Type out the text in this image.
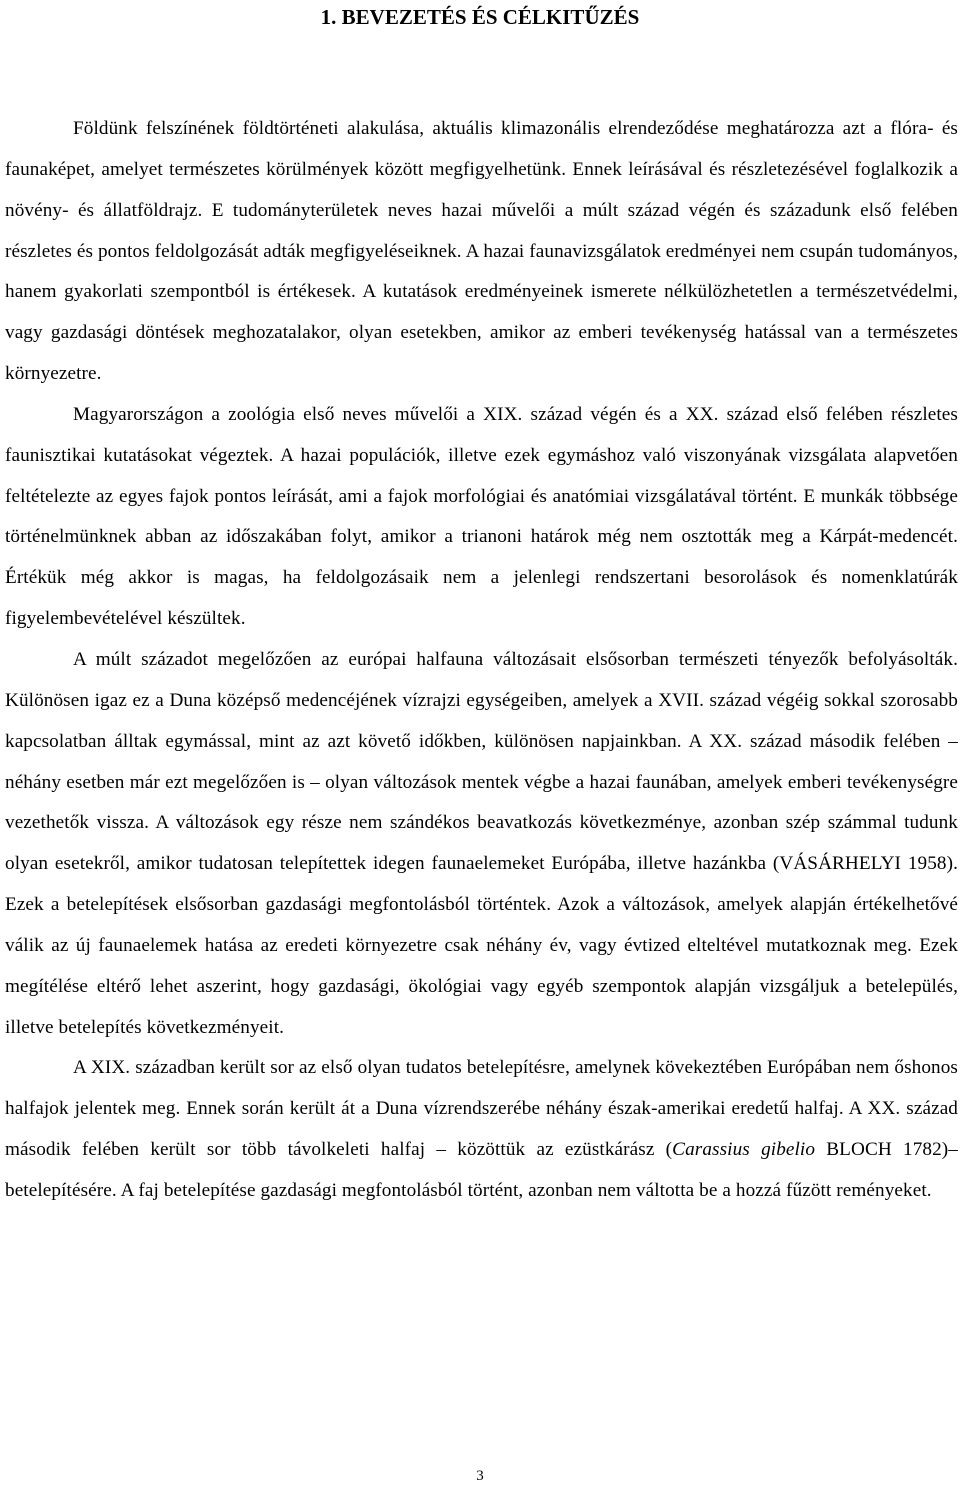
1. BEVEZETÉS ÉS CÉLKITŰZÉS

Földünk felszínének földtörténeti alakulása, aktuális klimazonális elrendeződése meghatározza azt a flóra- és faunaképet, amelyet természetes körülmények között megfigyelhetünk. Ennek leírásával és részletezésével foglalkozik a növény- és állatföldrajz. E tudományterületek neves hazai művelői a múlt század végén és századunk első felében részletes és pontos feldolgozását adták megfigyeléseiknek. A hazai faunavizsgálatok eredményei nem csupán tudományos, hanem gyakorlati szempontból is értékesek. A kutatások eredményeinek ismerete nélkülözhetetlen a természetvédelmi, vagy gazdasági döntések meghozatalakor, olyan esetekben, amikor az emberi tevékenység hatással van a természetes környezetre.

Magyarországon a zoológia első neves művelői a XIX. század végén és a XX. század első felében részletes faunisztikai kutatásokat végeztek. A hazai populációk, illetve ezek egymáshoz való viszonyának vizsgálata alapvetően feltételezte az egyes fajok pontos leírását, ami a fajok morfológiai és anatómiai vizsgálatával történt. E munkák többsége történelmünknek abban az időszakában folyt, amikor a trianoni határok még nem osztották meg a Kárpát-medencét. Értékük még akkor is magas, ha feldolgozásaik nem a jelenlegi rendszertani besorolások és nomenklatúrák figyelembevételével készültek.

A múlt századot megelőzően az európai halfauna változásait elsősorban természeti tényezők befolyásolták. Különösen igaz ez a Duna középső medencéjének vízrajzi egységeiben, amelyek a XVII. század végéig sokkal szorosabb kapcsolatban álltak egymással, mint az azt követő időkben, különösen napjainkban. A XX. század második felében – néhány esetben már ezt megelőzően is – olyan változások mentek végbe a hazai faunában, amelyek emberi tevékenységre vezethetők vissza. A változások egy része nem szándékos beavatkozás következménye, azonban szép számmal tudunk olyan esetekről, amikor tudatosan telepítettek idegen faunaelemeket Európába, illetve hazánkba (VÁSÁRHELYI 1958). Ezek a betelepítések elsősorban gazdasági megfontolásból történtek. Azok a változások, amelyek alapján értékelhetővé válik az új faunaelemek hatása az eredeti környezetre csak néhány év, vagy évtized elteltével mutatkoznak meg. Ezek megítélése eltérő lehet aszerint, hogy gazdasági, ökológiai vagy egyéb szempontok alapján vizsgáljuk a betelepülés, illetve betelepítés következményeit.

A XIX. században került sor az első olyan tudatos betelepítésre, amelynek kövekeztében Európában nem őshonos halfajok jelentek meg. Ennek során került át a Duna vízrendszerébe néhány észak-amerikai eredetű halfaj. A XX. század második felében került sor több távolkeleti halfaj – közöttük az ezüstkárász (Carassius gibelio BLOCH 1782)– betelepítésére. A faj betelepítése gazdasági megfontolásból történt, azonban nem váltotta be a hozzá fűzött reményeket.

3
